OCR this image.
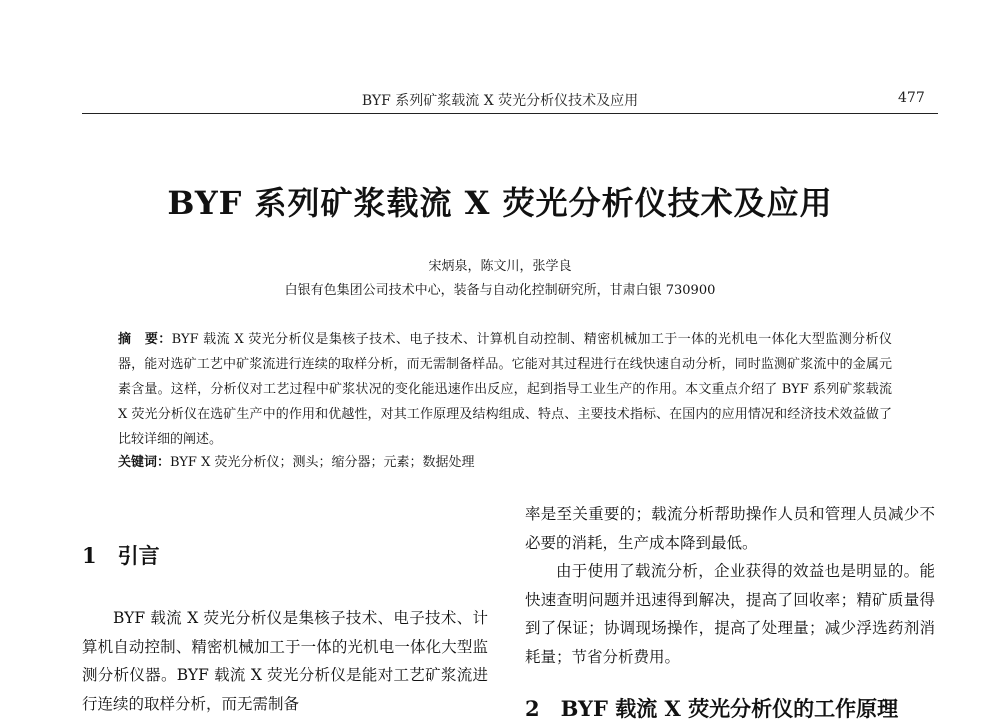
BYF 系列矿浆载流 X 荧光分析仪技术及应用	477
BYF 系列矿浆载流 X 荧光分析仪技术及应用
宋炳泉，陈文川，张学良
白银有色集团公司技术中心，装备与自动化控制研究所，甘肃白银 730900
摘　要：BYF 载流 X 荧光分析仪是集核子技术、电子技术、计算机自动控制、精密机械加工于一体的光机电一体化大型监测分析仪器，能对选矿工艺中矿浆流进行连续的取样分析，而无需制备样品。它能对其过程进行在线快速自动分析，同时监测矿浆流中的金属元素含量。这样，分析仪对工艺过程中矿浆状况的变化能迅速作出反应，起到指导工业生产的作用。本文重点介绍了 BYF 系列矿浆载流 X 荧光分析仪在选矿生产中的作用和优越性，对其工作原理及结构组成、特点、主要技术指标、在国内的应用情况和经济技术效益做了比较详细的阐述。
关键词：BYF X 荧光分析仪；测头；缩分器；元素；数据处理
1　引言

BYF 载流 X 荧光分析仪是集核子技术、电子技术、计算机自动控制、精密机械加工于一体的光机电一体化大型监测分析仪器。BYF 载流 X 荧光分析仪是能对工艺矿浆流进行连续的取样分析，而无需制备

率是至关重要的；载流分析帮助操作人员和管理人员减少不必要的消耗，生产成本降到最低。

由于使用了载流分析，企业获得的效益也是明显的。能快速查明问题并迅速得到解决，提高了回收率；精矿质量得到了保证；协调现场操作，提高了处理量；减少浮选药剂消耗量；节省分析费用。

2　BYF 载流 X 荧光分析仪的工作原理
